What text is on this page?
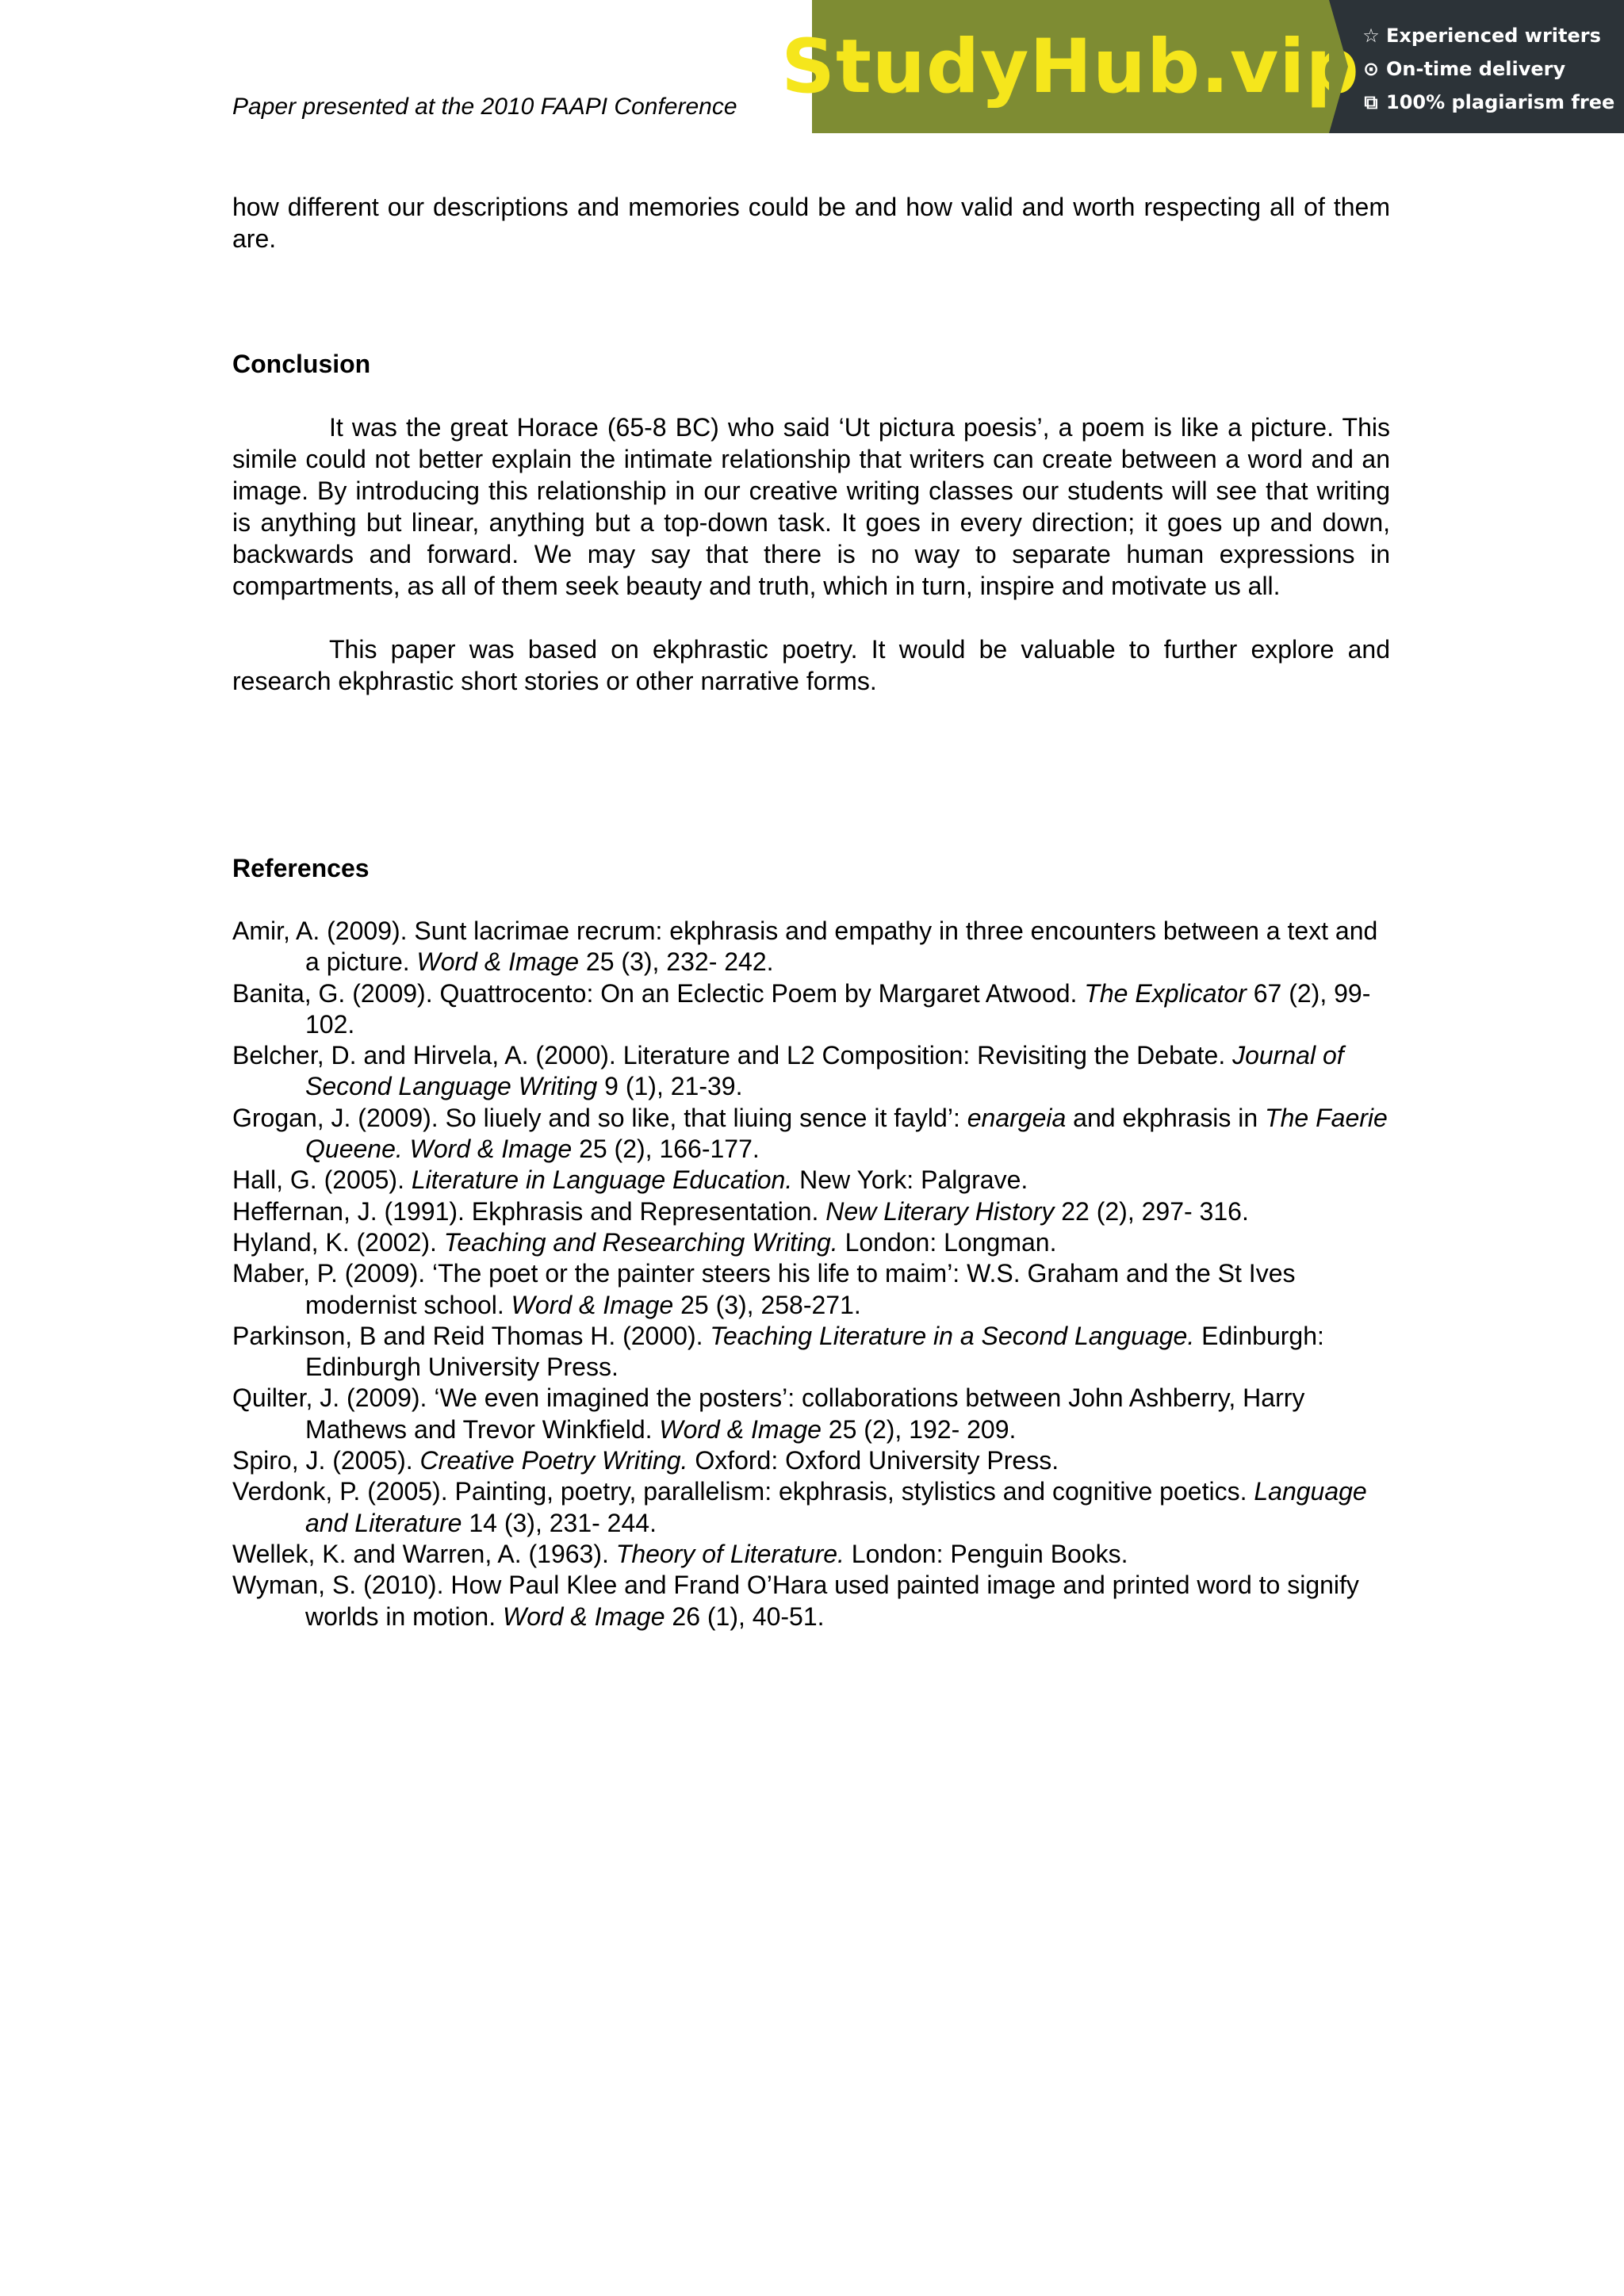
Paper presented at the 2010 FAAPI Conference StudyHub.vip ☆ Experienced writers
⊙ On-time delivery
⧉ 100% plagiarism free

how different our descriptions and memories could be and how valid and worth respecting all of them are.

Conclusion

It was the great Horace (65-8 BC) who said ‘Ut pictura poesis’, a poem is like a picture. This simile could not better explain the intimate relationship that writers can create between a word and an image. By introducing this relationship in our creative writing classes our students will see that writing is anything but linear, anything but a top-down task. It goes in every direction; it goes up and down, backwards and forward. We may say that there is no way to separate human expressions in compartments, as all of them seek beauty and truth, which in turn, inspire and motivate us all.

This paper was based on ekphrastic poetry. It would be valuable to further explore and research ekphrastic short stories or other narrative forms.

References
Amir, A. (2009). Sunt lacrimae recrum: ekphrasis and empathy in three encounters between a text and a picture. Word & Image 25 (3), 232- 242.
Banita, G. (2009). Quattrocento: On an Eclectic Poem by Margaret Atwood. The Explicator 67 (2), 99-102.
Belcher, D. and Hirvela, A. (2000). Literature and L2 Composition: Revisiting the Debate. Journal of Second Language Writing 9 (1), 21-39.
Grogan, J. (2009). So liuely and so like, that liuing sence it fayld’: enargeia and ekphrasis in The Faerie Queene. Word & Image 25 (2), 166-177.
Hall, G. (2005). Literature in Language Education. New York: Palgrave.
Heffernan, J. (1991). Ekphrasis and Representation. New Literary History 22 (2), 297- 316.
Hyland, K. (2002). Teaching and Researching Writing. London: Longman.
Maber, P. (2009). ‘The poet or the painter steers his life to maim’: W.S. Graham and the St Ives modernist school. Word & Image 25 (3), 258-271.
Parkinson, B and Reid Thomas H. (2000). Teaching Literature in a Second Language. Edinburgh: Edinburgh University Press.
Quilter, J. (2009). ‘We even imagined the posters’: collaborations between John Ashberry, Harry Mathews and Trevor Winkfield. Word & Image 25 (2), 192- 209.
Spiro, J. (2005). Creative Poetry Writing. Oxford: Oxford University Press.
Verdonk, P. (2005). Painting, poetry, parallelism: ekphrasis, stylistics and cognitive poetics. Language and Literature 14 (3), 231- 244.
Wellek, K. and Warren, A. (1963). Theory of Literature. London: Penguin Books.
Wyman, S. (2010). How Paul Klee and Frand O’Hara used painted image and printed word to signify worlds in motion. Word & Image 26 (1), 40-51.
